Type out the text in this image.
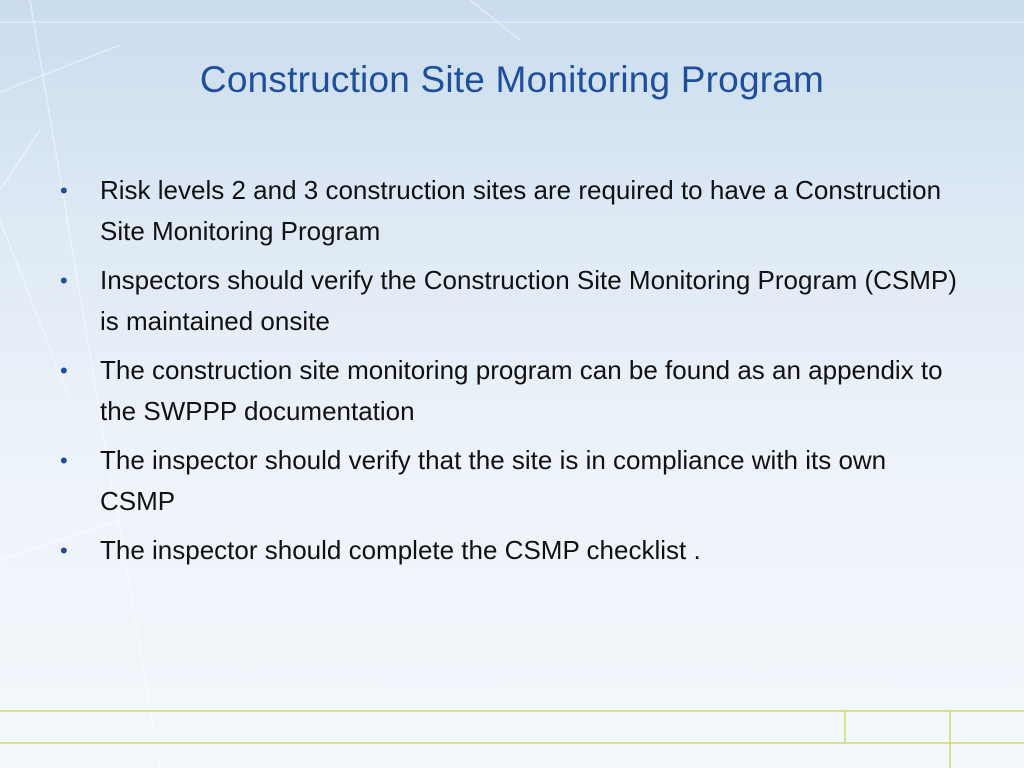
Construction Site Monitoring Program
•	Risk levels 2 and 3 construction sites are required to have a Construction Site Monitoring Program
•	Inspectors should verify the Construction Site Monitoring Program (CSMP) is maintained onsite
•	The construction site monitoring program can be found as an appendix to the SWPPP documentation
•	The inspector should verify that the site is in compliance with its own CSMP
•	The inspector should complete the CSMP checklist .
